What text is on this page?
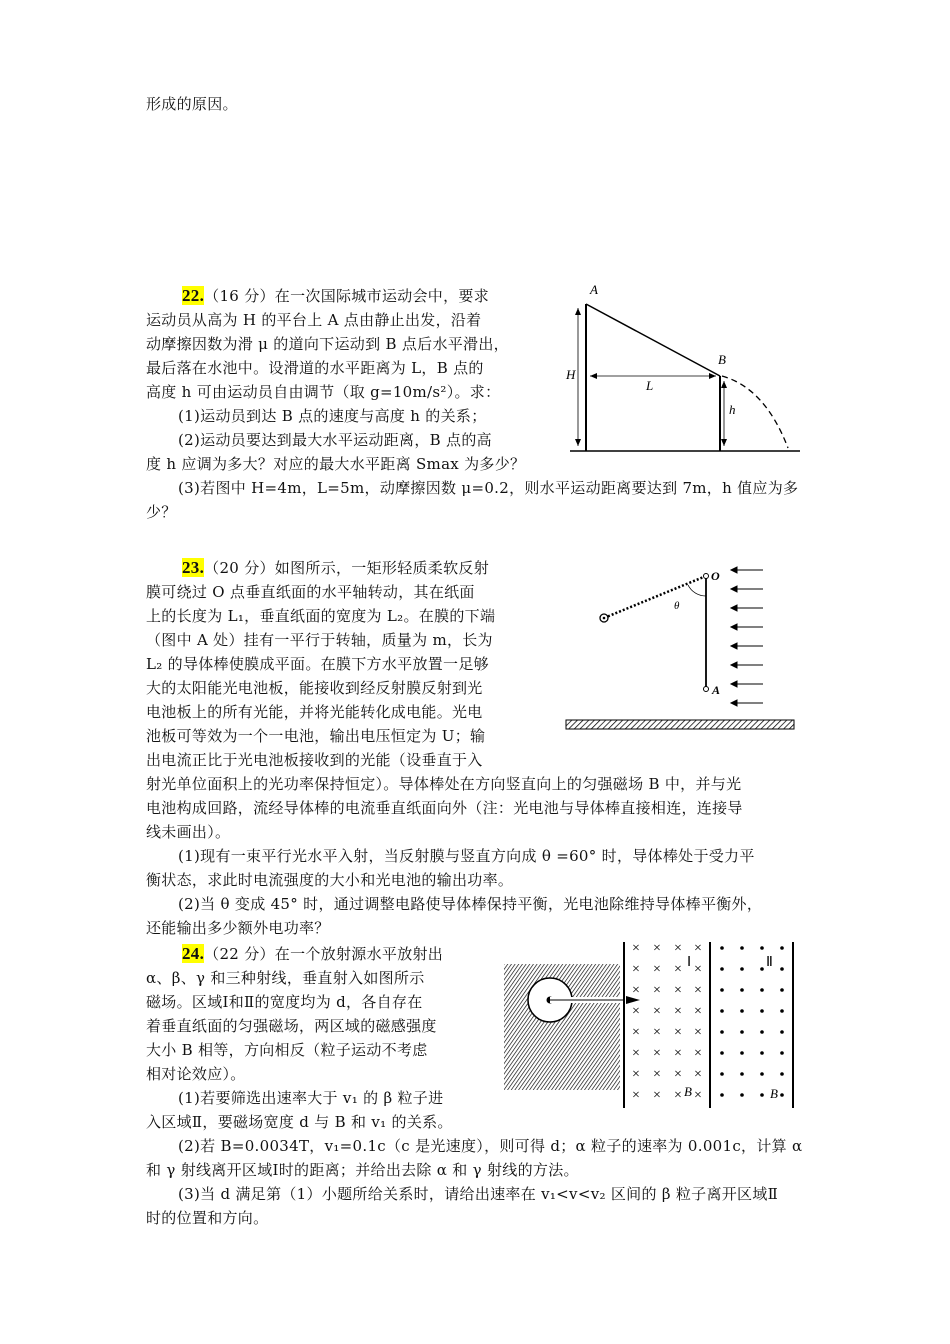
形成的原因。
22.（16 分）在一次国际城市运动会中，要求
运动员从高为 H 的平台上 A 点由静止出发，沿着
动摩擦因数为滑 μ 的道向下运动到 B 点后水平滑出，
最后落在水池中。设滑道的水平距离为 L，B 点的
高度 h 可由运动员自由调节（取 g=10m/s²）。求：
(1)运动员到达 B 点的速度与高度 h 的关系；
(2)运动员要达到最大水平运动距离，B 点的高
度 h 应调为多大？对应的最大水平距离 Smax 为多少？
(3)若图中 H=4m，L=5m，动摩擦因数 μ=0.2，则水平运动距离要达到 7m，h 值应为多
少？
A
B
H
L
h
23.（20 分）如图所示，一矩形轻质柔软反射
膜可绕过 O 点垂直纸面的水平轴转动，其在纸面
上的长度为 L₁，垂直纸面的宽度为 L₂。在膜的下端
（图中 A 处）挂有一平行于转轴，质量为 m，长为
L₂ 的导体棒使膜成平面。在膜下方水平放置一足够
大的太阳能光电池板，能接收到经反射膜反射到光
电池板上的所有光能，并将光能转化成电能。光电
池板可等效为一个一电池，输出电压恒定为 U；输
出电流正比于光电池板接收到的光能（设垂直于入
射光单位面积上的光功率保持恒定）。导体棒处在方向竖直向上的匀强磁场 B 中，并与光
电池构成回路，流经导体棒的电流垂直纸面向外（注：光电池与导体棒直接相连，连接导
线未画出）。
(1)现有一束平行光水平入射，当反射膜与竖直方向成 θ =60° 时，导体棒处于受力平
衡状态，求此时电流强度的大小和光电池的输出功率。
(2)当 θ 变成 45° 时，通过调整电路使导体棒保持平衡，光电池除维持导体棒平衡外，
还能输出多少额外电功率？
O
A
θ
24.（22 分）在一个放射源水平放射出
α、β、γ 和三种射线，垂直射入如图所示
磁场。区域Ⅰ和Ⅱ的宽度均为 d，各自存在
着垂直纸面的匀强磁场，两区域的磁感强度
大小 B 相等，方向相反（粒子运动不考虑
相对论效应）。
(1)若要筛选出速率大于 v₁ 的 β 粒子进
入区域Ⅱ，要磁场宽度 d 与 B 和 v₁ 的关系。
(2)若 B=0.0034T，v₁=0.1c（c 是光速度），则可得 d；α 粒子的速率为 0.001c，计算 α
和 γ 射线离开区域Ⅰ时的距离；并给出去除 α 和 γ 射线的方法。
(3)当 d 满足第（1）小题所给关系时，请给出速率在 v₁<v<v₂ 区间的 β 粒子离开区域Ⅱ
时的位置和方向。
× × × ×
× × × ×
× × × ×
× × × ×
× × × ×
× × × ×
× × × ×
× × × ×
Ⅰ	Ⅱ
B	B
